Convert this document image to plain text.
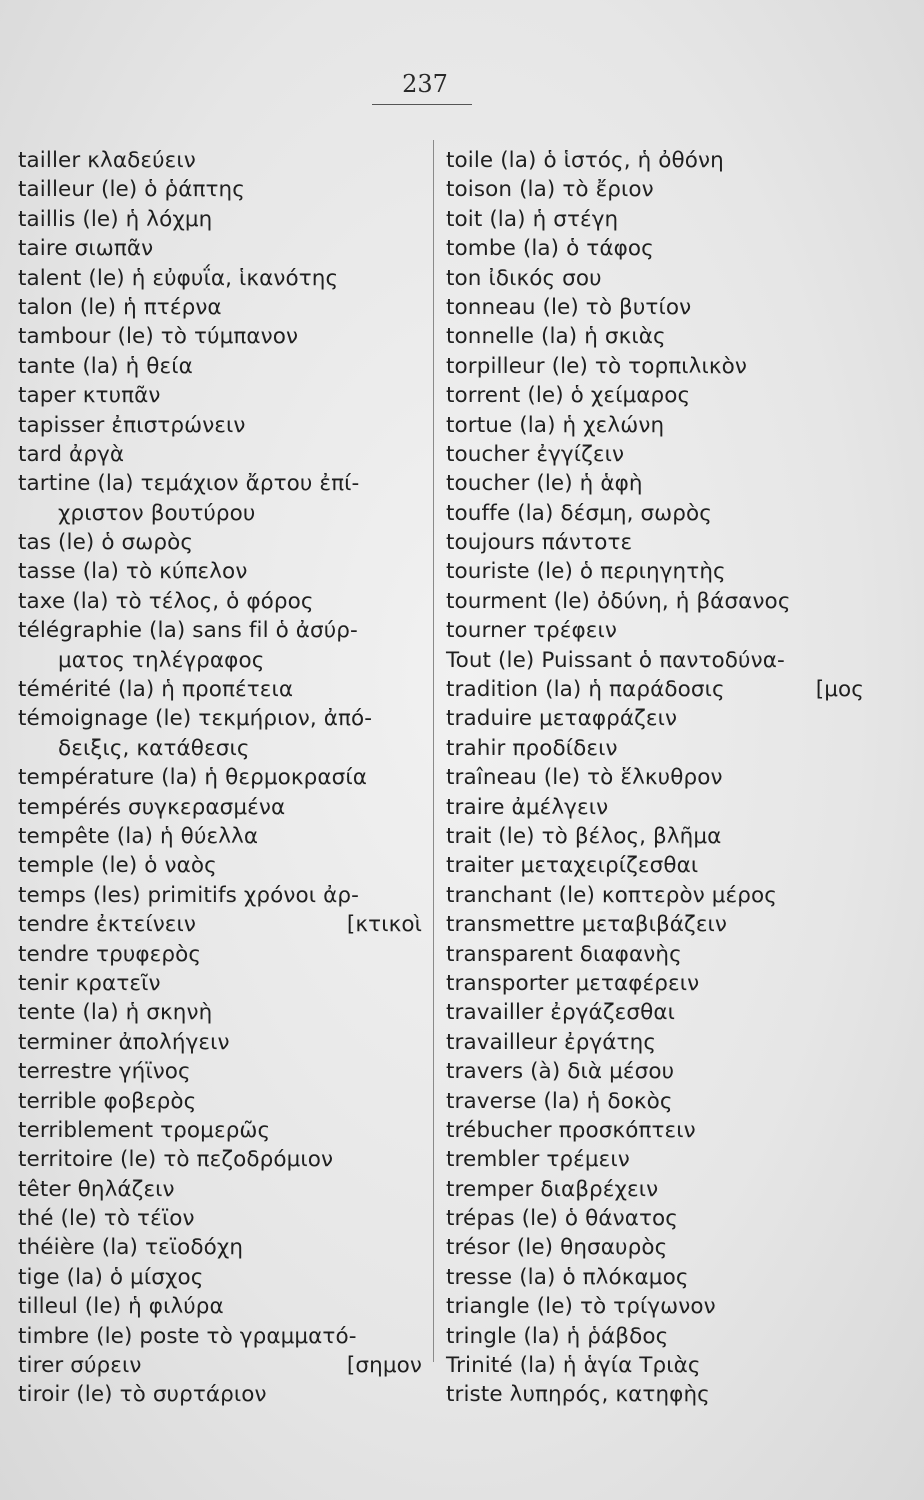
237
tailler κλαδεύειν
tailleur (le) ὁ ῥάπτης
taillis (le) ἡ λόχμη
taire σιωπᾶν
talent (le) ἡ εὐφυΐα, ἱκανότης
talon (le) ἡ πτέρνα
tambour (le) τὸ τύμπανον
tante (la) ἡ θεία
taper κτυπᾶν
tapisser ἐπιστρώνειν
tard ἀργὰ
tartine (la) τεμάχιον ἄρτου ἐπί-
χριστον βουτύρου
tas (le) ὁ σωρὸς
tasse (la) τὸ κύπελον
taxe (la) τὸ τέλος, ὁ φόρος
télégraphie (la) sans fil ὁ ἀσύρ-
ματος τηλέγραφος
témérité (la) ἡ προπέτεια
témoignage (le) τεκμήριον, ἀπό-
δειξις, κατάθεσις
température (la) ἡ θερμοκρασία
tempérés συγκερασμένα
tempête (la) ἡ θύελλα
temple (le) ὁ ναὸς
temps (les) primitifs χρόνοι ἀρ-
tendre ἐκτείνειν	[κτικοὶ
tendre τρυφερὸς
tenir κρατεῖν
tente (la) ἡ σκηνὴ
terminer ἀπολήγειν
terrestre γήϊνος
terrible φοβερὸς
terriblement τρομερῶς
territoire (le) τὸ πεζοδρόμιον
têter θηλάζειν
thé (le) τὸ τέϊον
théière (la) τεϊοδόχη
tige (la) ὁ μίσχος
tilleul (le) ἡ φιλύρα
timbre (le) poste τὸ γραμματό-
tirer σύρειν	[σημον
tiroir (le) τὸ συρτάριον
toile (la) ὁ ἱστός, ἡ ὀθόνη
toison (la) τὸ ἔριον
toit (la) ἡ στέγη
tombe (la) ὁ τάφος
ton ἰδικός σου
tonneau (le) τὸ βυτίον
tonnelle (la) ἡ σκιὰς
torpilleur (le) τὸ τορπιλικὸν
torrent (le) ὁ χείμαρος
tortue (la) ἡ χελώνη
toucher ἐγγίζειν
toucher (le) ἡ ἁφὴ
touffe (la) δέσμη, σωρὸς
toujours πάντοτε
touriste (le) ὁ περιηγητὴς
tourment (le) ὀδύνη, ἡ βάσανος
tourner τρέφειν
Tout (le) Puissant ὁ παντοδύνα-
tradition (la) ἡ παράδοσις	[μος
traduire μεταφράζειν
trahir προδίδειν
traîneau (le) τὸ ἕλκυθρον
traire ἀμέλγειν
trait (le) τὸ βέλος, βλῆμα
traiter μεταχειρίζεσθαι
tranchant (le) κοπτερὸν μέρος
transmettre μεταβιβάζειν
transparent διαφανὴς
transporter μεταφέρειν
travailler ἐργάζεσθαι
travailleur ἐργάτης
travers (à) διὰ μέσου
traverse (la) ἡ δοκὸς
trébucher προσκόπτειν
trembler τρέμειν
tremper διαβρέχειν
trépas (le) ὁ θάνατος
trésor (le) θησαυρὸς
tresse (la) ὁ πλόκαμος
triangle (le) τὸ τρίγωνον
tringle (la) ἡ ῥάβδος
Trinité (la) ἡ ἁγία Τριὰς
triste λυπηρός, κατηφὴς
